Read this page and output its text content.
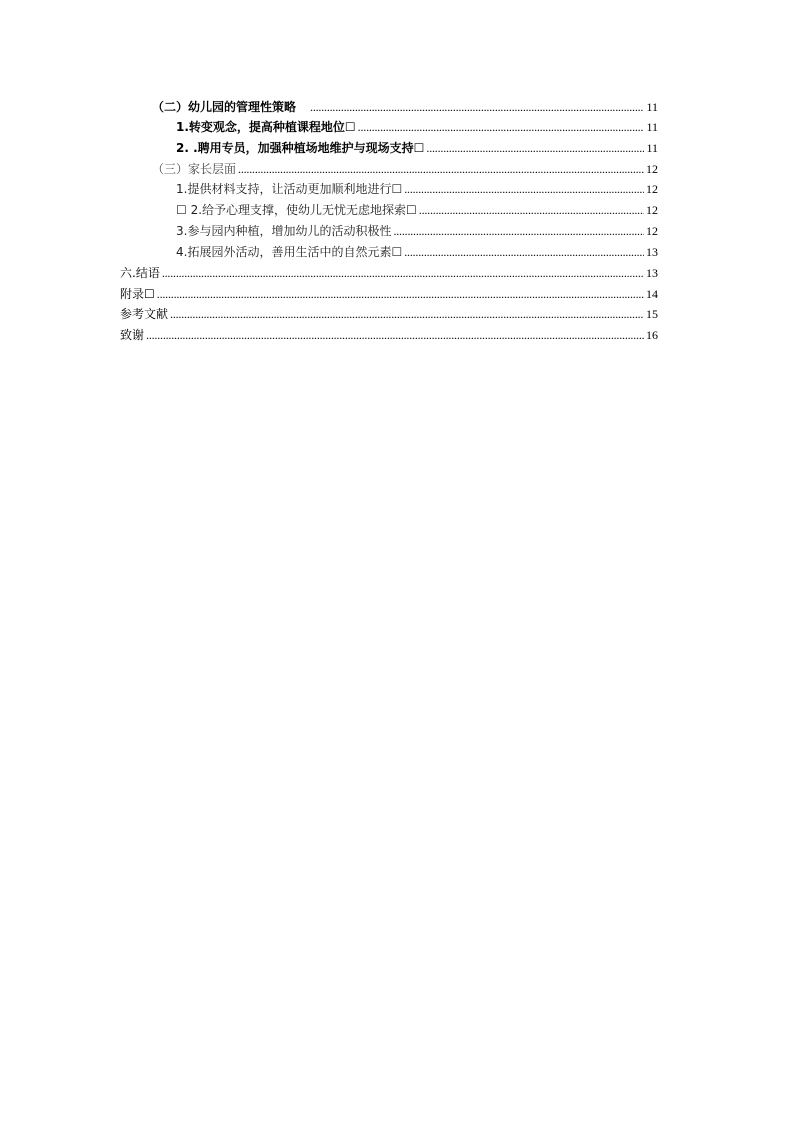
（二）幼儿园的管理性策略 . . .	11
1.转变观念，提高种植课程地位☐ . . .	11
2. .聘用专员，加强种植场地维护与现场支持☐ . . .	11
（三）家长层面 . . .	12
1.提供材料支持，让活动更加顺利地进行☐ . . .	12
☐ 2.给予心理支撑，使幼儿无忧无虑地探索☐ . . .	12
3.参与园内种植，增加幼儿的活动积极性 . . .	12
4.拓展园外活动，善用生活中的自然元素☐ . . .	13
六.结语 . . .	13
附录☐ . . .	14
参考文献 . . .	15
致谢 . . .	16
